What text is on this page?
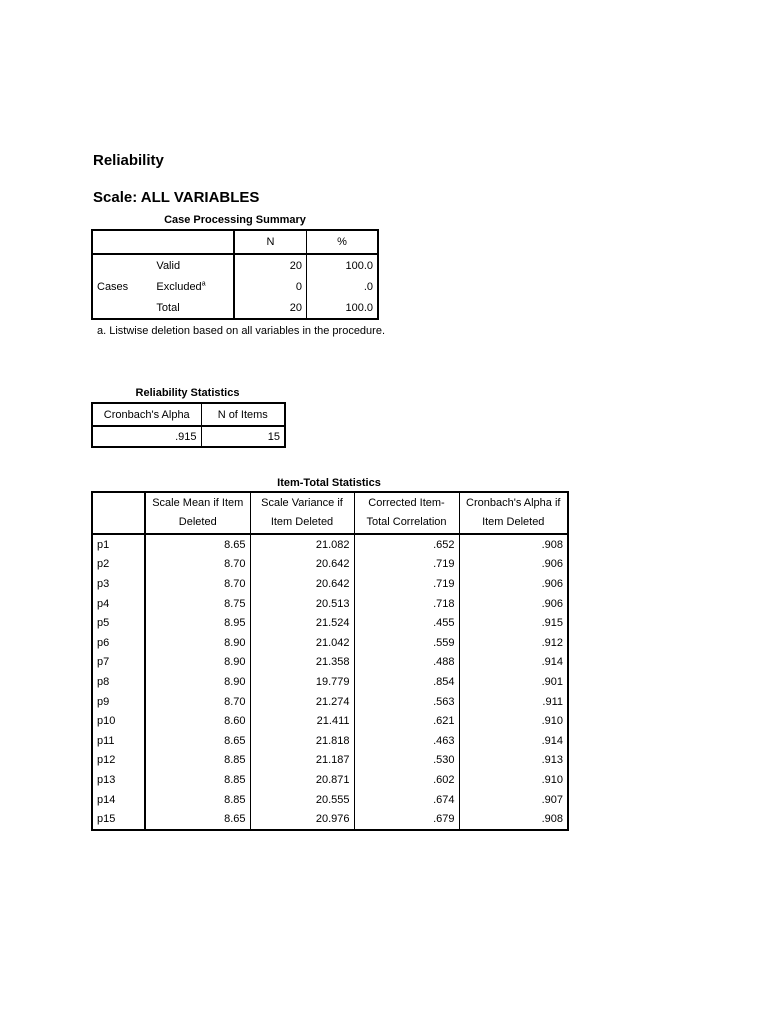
Reliability
Scale: ALL VARIABLES
Case Processing Summary
		N	%
Cases	Valid	20	100.0
	Excluded$^a$	0	.0
	Total	20	100.0
a. Listwise deletion based on all variables in the procedure.
Reliability Statistics
Cronbach's Alpha	N of Items
.915	15
Item-Total Statistics
	Scale Mean if Item Deleted	Scale Variance if Item Deleted	Corrected Item-Total Correlation	Cronbach's Alpha if Item Deleted
p1	8.65	21.082	.652	.908
p2	8.70	20.642	.719	.906
p3	8.70	20.642	.719	.906
p4	8.75	20.513	.718	.906
p5	8.95	21.524	.455	.915
p6	8.90	21.042	.559	.912
p7	8.90	21.358	.488	.914
p8	8.90	19.779	.854	.901
p9	8.70	21.274	.563	.911
p10	8.60	21.411	.621	.910
p11	8.65	21.818	.463	.914
p12	8.85	21.187	.530	.913
p13	8.85	20.871	.602	.910
p14	8.85	20.555	.674	.907
p15	8.65	20.976	.679	.908
